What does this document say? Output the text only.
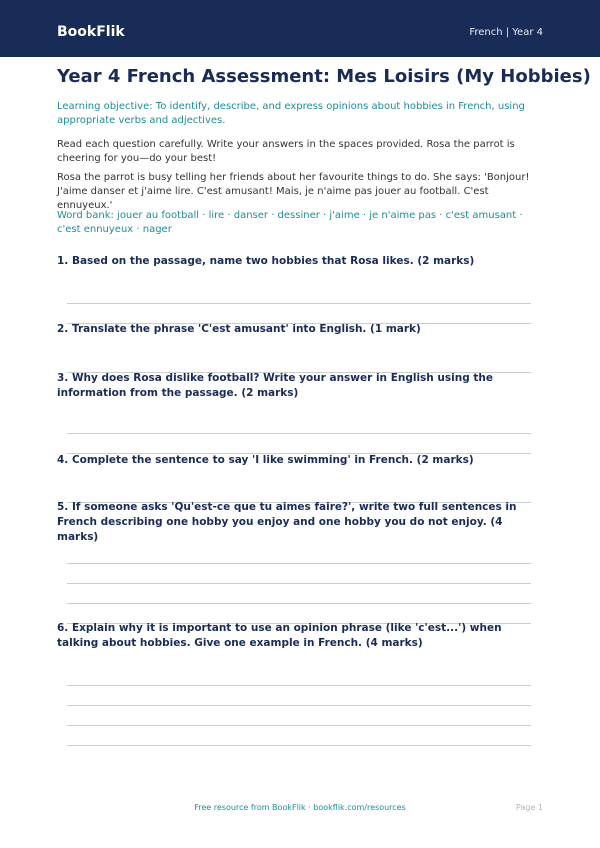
BookFlik	French | Year 4
Year 4 French Assessment: Mes Loisirs (My Hobbies)
Learning objective: To identify, describe, and express opinions about hobbies in French, using appropriate verbs and adjectives.
Read each question carefully. Write your answers in the spaces provided. Rosa the parrot is cheering for you—do your best!
Rosa the parrot is busy telling her friends about her favourite things to do. She says: 'Bonjour! J'aime danser et j'aime lire. C'est amusant! Mais, je n'aime pas jouer au football. C'est ennuyeux.'
Word bank: jouer au football · lire · danser · dessiner · j'aime · je n'aime pas · c'est amusant · c'est ennuyeux · nager
1. Based on the passage, name two hobbies that Rosa likes. (2 marks)
2. Translate the phrase 'C'est amusant' into English. (1 mark)
3. Why does Rosa dislike football? Write your answer in English using the information from the passage. (2 marks)
4. Complete the sentence to say 'I like swimming' in French. (2 marks)
5. If someone asks 'Qu'est-ce que tu aimes faire?', write two full sentences in French describing one hobby you enjoy and one hobby you do not enjoy. (4 marks)
6. Explain why it is important to use an opinion phrase (like 'c'est...') when talking about hobbies. Give one example in French. (4 marks)
Free resource from BookFlik · bookflik.com/resources	Page 1
